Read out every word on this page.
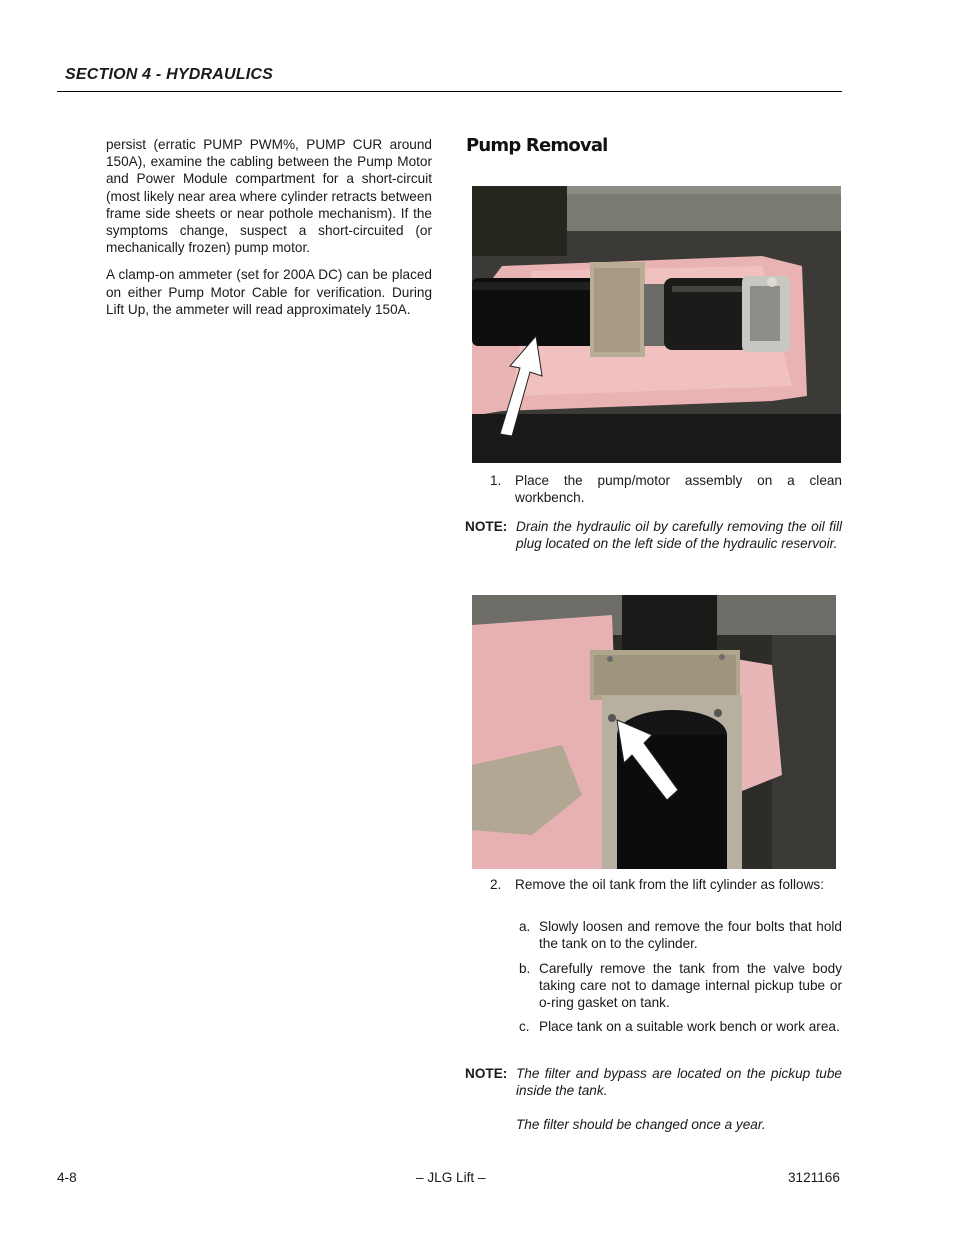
SECTION 4 - HYDRAULICS

persist (erratic PUMP PWM%, PUMP CUR around 150A), examine the cabling between the Pump Motor and Power Module compartment for a short-circuit (most likely near area where cylinder retracts between frame side sheets or near pothole mechanism). If the symptoms change, suspect a short-circuited (or mechanically frozen) pump motor.

A clamp-on ammeter (set for 200A DC) can be placed on either Pump Motor Cable for verification. During Lift Up, the ammeter will read approximately 150A.

Pump Removal
1. Place the pump/motor assembly on a clean workbench.
NOTE: Drain the hydraulic oil by carefully removing the oil fill plug located on the left side of the hydraulic reservoir.
2. Remove the oil tank from the lift cylinder as follows:
a. Slowly loosen and remove the four bolts that hold the tank on to the cylinder.
b. Carefully remove the tank from the valve body taking care not to damage internal pickup tube or o-ring gasket on tank.
c. Place tank on a suitable work bench or work area.
NOTE: The filter and bypass are located on the pickup tube inside the tank.
The filter should be changed once a year.
4-8	– JLG Lift –	3121166
